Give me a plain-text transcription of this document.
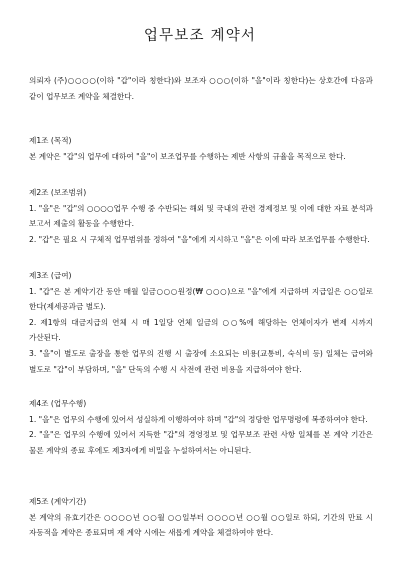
업무보조 계약서

의뢰자 (주)○○○○(이하 "갑"이라 칭한다)와 보조자 ○○○(이하 "을"이라 칭한다)는 상호간에 다음과 같이 업무보조 계약을 체결한다.

제1조 (목적)

본 계약은 "갑"의 업무에 대하여 "을"이 보조업무를 수행하는 제반 사항의 규율을 목적으로 한다.

제2조 (보조범위)

1. "을"은 "갑"의 ○○○○업무 수행 중 수반되는 해외 및 국내의 관련 경제정보 및 이에 대한 자료 분석과 보고서 제출의 활동을 수행한다.

2. "갑"은 필요 시 구체적 업무범위를 정하여 "을"에게 지시하고 "을"은 이에 따라 보조업무를 수행한다.

제3조 (급여)

1. "갑"은 본 계약기간 동안 매월 일금○○○원정(₩ ○○○)으로 "을"에게 지급하며 지급일은 ○○일로 한다(제세공과금 별도).

2. 제1항의 대금지급의 연체 시 매 1일당 연체 일금의 ○○%에 해당하는 연체이자가 변제 시까지 가산된다.

3. "을"이 별도로 출장을 통한 업무의 진행 시 출장에 소요되는 비용(교통비, 숙식비 등) 일체는 급여와 별도로 "갑"이 부담하며, "을" 단독의 수행 시 사전에 관련 비용을 지급하여야 한다.

제4조 (업무수행)

1. "을"은 업무의 수행에 있어서 성실하게 이행하여야 하며 "갑"의 정당한 업무명령에 복종하여야 한다.

2. "을"은 업무의 수행에 있어서 지득한 "갑"의 경영정보 및 업무보조 관련 사항 일체를 본 계약 기간은 물론 계약의 종료 후에도 제3자에게 비밀을 누설하여서는 아니된다.

제5조 (계약기간)

본 계약의 유효기간은 ○○○○년 ○○월 ○○일부터 ○○○○년 ○○월 ○○일로 하되, 기간의 만료 시 자동적을 계약은 종료되며 재 계약 시에는 새롭게 계약을 체결하여야 한다.
